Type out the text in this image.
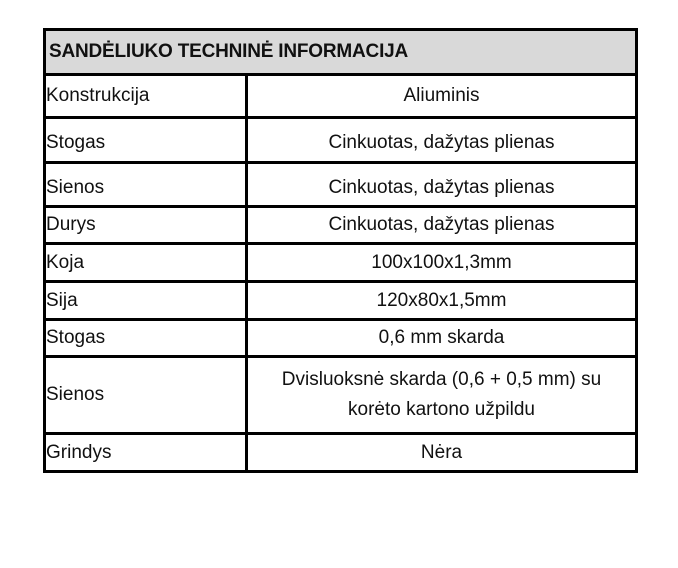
SANDĖLIUKO TECHNINĖ INFORMACIJA	
Konstrukcija	Aliuminis
Stogas	Cinkuotas, dažytas plienas
Sienos	Cinkuotas, dažytas plienas
Durys	Cinkuotas, dažytas plienas
Koja	100x100x1,3mm
Sija	120x80x1,5mm
Stogas	0,6 mm skarda
Sienos	Dvisluoksnė skarda (0,6 + 0,5 mm) su
korėto kartono užpildu

Grindys	Nėra
